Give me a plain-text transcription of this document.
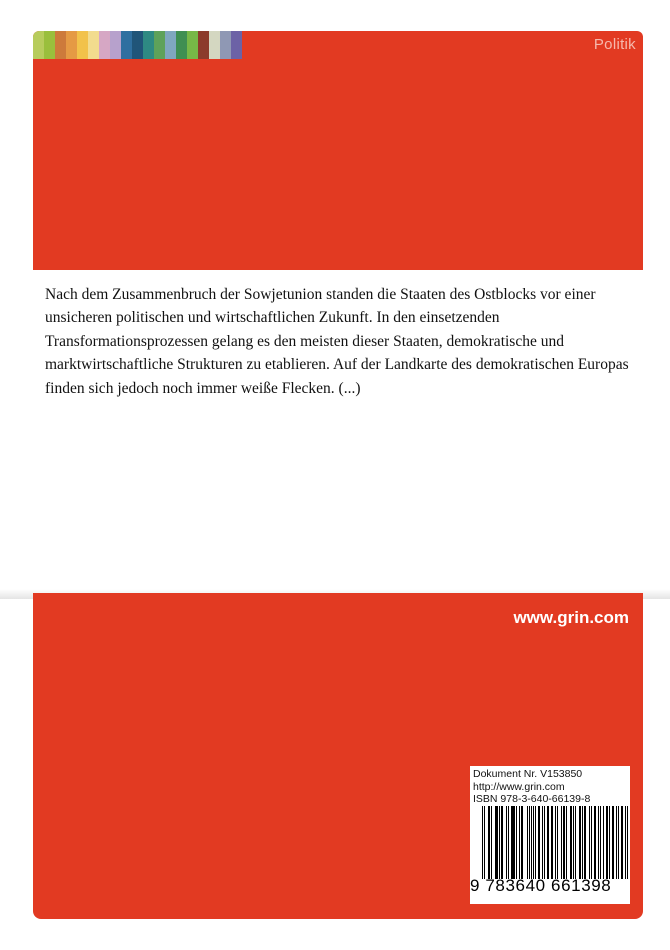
Politik

Nach dem Zusammenbruch der Sowjetunion standen die Staaten des Ostblocks vor einer unsicheren politischen und wirtschaftlichen Zukunft. In den einsetzenden Transformationsprozessen gelang es den meisten dieser Staaten, demokratische und marktwirtschaftliche Strukturen zu etablieren. Auf der Landkarte des demokratischen Europas finden sich jedoch noch immer weiße Flecken. (...)

www.grin.com
Dokument Nr. V153850
http://www.grin.com
ISBN 978-3-640-66139-8
9 783640 661398
